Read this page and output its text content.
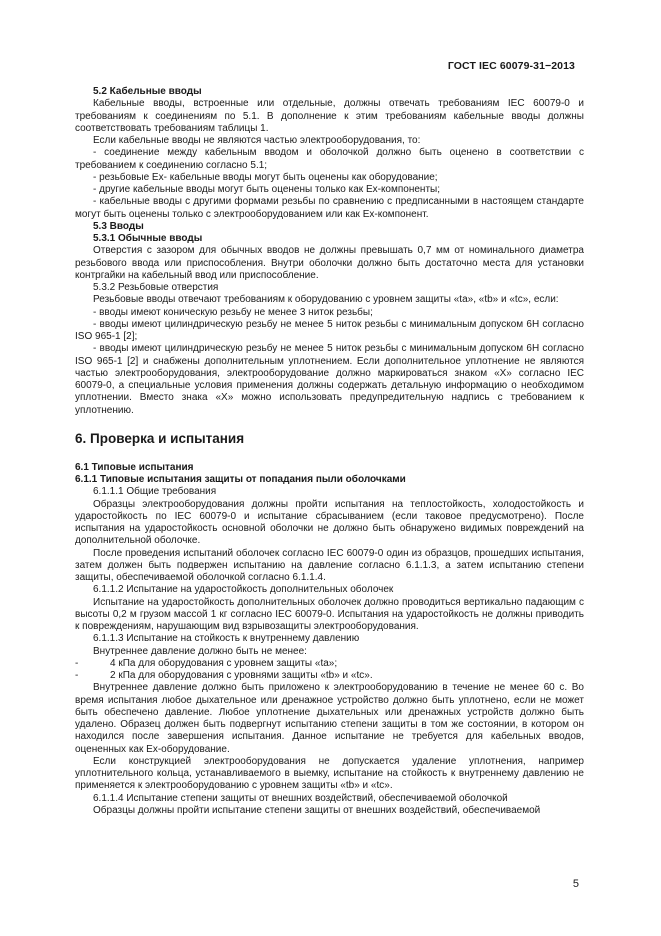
ГОСТ IEC 60079-31−2013

5.2 Кабельные вводы

Кабельные вводы, встроенные или отдельные, должны отвечать требованиям IEC 60079-0 и требованиям к соединениям по 5.1. В дополнение к этим требованиям кабельные вводы должны соответствовать требованиям таблицы 1.

Если кабельные вводы не являются частью электрооборудования, то:

- соединение между кабельным вводом и оболочкой должно быть оценено в соответствии с требованием к соединению согласно 5.1;

- резьбовые Ex- кабельные вводы могут быть оценены как оборудование;

- другие кабельные вводы могут быть оценены только как Ex-компоненты;

- кабельные вводы с другими формами резьбы по сравнению с предписанными в настоящем стандарте могут быть оценены только с электрооборудованием или как Ex-компонент.

5.3 Вводы

5.3.1 Обычные вводы

Отверстия с зазором для обычных вводов не должны превышать 0,7 мм от номинального диаметра резьбового ввода или приспособления. Внутри оболочки должно быть достаточно места для установки контргайки на кабельный ввод или приспособление.

5.3.2 Резьбовые отверстия

Резьбовые вводы отвечают требованиям к оборудованию с уровнем защиты «ta», «tb» и «tc», если:

- вводы имеют коническую резьбу не менее 3 ниток резьбы;

- вводы имеют цилиндрическую резьбу не менее 5 ниток резьбы с минимальным допуском 6H согласно ISO 965-1 [2];

- вводы имеют цилиндрическую резьбу не менее 5 ниток резьбы с минимальным допуском 6H согласно ISO 965-1 [2] и снабжены дополнительным уплотнением. Если дополнительное уплотнение не являются частью электрооборудования, электрооборудование должно маркироваться знаком «X» согласно IEC 60079-0, а специальные условия применения должны содержать детальную информацию о необходимом уплотнении. Вместо знака «X» можно использовать предупредительную надпись с требованием к уплотнению.

6. Проверка и испытания

6.1 Типовые испытания

6.1.1 Типовые испытания защиты от попадания пыли оболочками

6.1.1.1 Общие требования

Образцы электрооборудования должны пройти испытания на теплостойкость, холодостойкость и ударостойкость по IEC 60079-0 и испытание сбрасыванием (если таковое предусмотрено). После испытания на ударостойкость основной оболочки не должно быть обнаружено видимых повреждений на дополнительной оболочке.

После проведения испытаний оболочек согласно IEC 60079-0 один из образцов, прошедших испытания, затем должен быть подвержен испытанию на давление согласно 6.1.1.3, а затем испытанию степени защиты, обеспечиваемой оболочкой согласно 6.1.1.4.

6.1.1.2 Испытание на ударостойкость дополнительных оболочек

Испытание на ударостойкость дополнительных оболочек должно проводиться вертикально падающим с высоты 0,2 м грузом массой 1 кг согласно IEC 60079-0. Испытания на ударостойкость не должны приводить к повреждениям, нарушающим вид взрывозащиты электрооборудования.

6.1.1.3 Испытание на стойкость к внутреннему давлению

Внутреннее давление должно быть не менее:

-	4 кПа для оборудования с уровнем защиты «ta»;
-	2 кПа для оборудования с уровнями защиты «tb» и «tc».

Внутреннее давление должно быть приложено к электрооборудованию в течение не менее 60 с. Во время испытания любое дыхательное или дренажное устройство должно быть уплотнено, если не может быть обеспечено давление. Любое уплотнение дыхательных или дренажных устройств должно быть удалено. Образец должен быть подвергнут испытанию степени защиты в том же состоянии, в котором он находился после завершения испытания. Данное испытание не требуется для кабельных вводов, оцененных как Ex-оборудование.

Если конструкцией электрооборудования не допускается удаление уплотнения, например уплотнительного кольца, устанавливаемого в выемку, испытание на стойкость к внутреннему давлению не применяется к электрооборудованию с уровнем защиты «tb» и «tc».

6.1.1.4 Испытание степени защиты от внешних воздействий, обеспечиваемой оболочкой

Образцы должны пройти испытание степени защиты от внешних воздействий, обеспечиваемой

5
